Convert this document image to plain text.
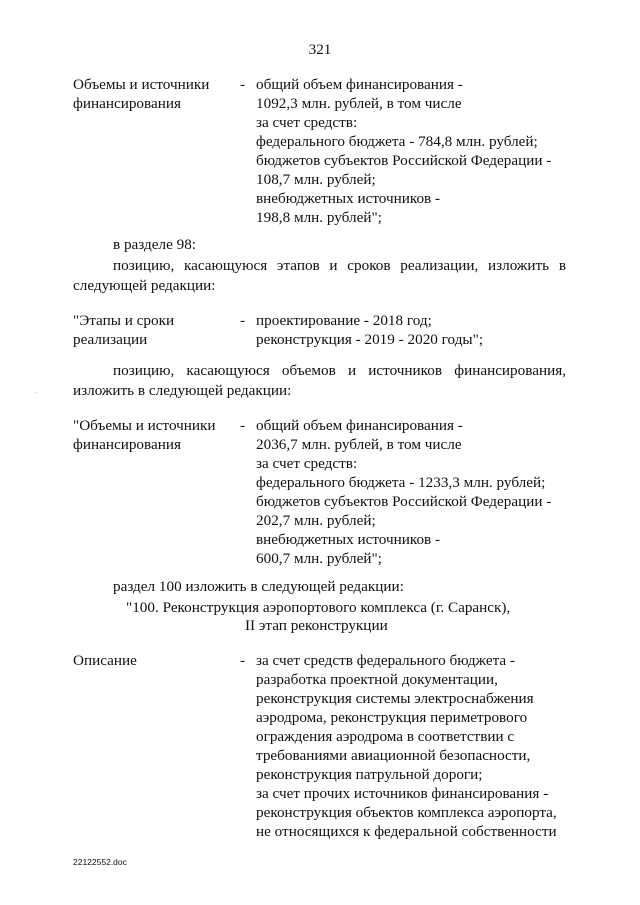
321
Объемы и источники
финансирования
- общий объем финансирования -
1092,3 млн. рублей, в том числе
за счет средств:
федерального бюджета - 784,8 млн. рублей;
бюджетов субъектов Российской Федерации -
108,7 млн. рублей;
внебюджетных источников -
198,8 млн. рублей";
в разделе 98:
позицию, касающуюся этапов и сроков реализации, изложить в
следующей редакции:
"Этапы и сроки
реализации
- проектирование - 2018 год;
реконструкция - 2019 - 2020 годы";
позицию, касающуюся объемов и источников финансирования,
изложить в следующей редакции:
"Объемы и источники
финансирования
- общий объем финансирования -
2036,7 млн. рублей, в том числе
за счет средств:
федерального бюджета - 1233,3 млн. рублей;
бюджетов субъектов Российской Федерации -
202,7 млн. рублей;
внебюджетных источников -
600,7 млн. рублей";
раздел 100 изложить в следующей редакции:
"100. Реконструкция аэропортового комплекса (г. Саранск),
II этап реконструкции
Описание	- за счет средств федерального бюджета -
разработка проектной документации,
реконструкция системы электроснабжения
аэродрома, реконструкция периметрового
ограждения аэродрома в соответствии с
требованиями авиационной безопасности,
реконструкция патрульной дороги;
за счет прочих источников финансирования -
реконструкция объектов комплекса аэропорта,
не относящихся к федеральной собственности
22122552.doc
